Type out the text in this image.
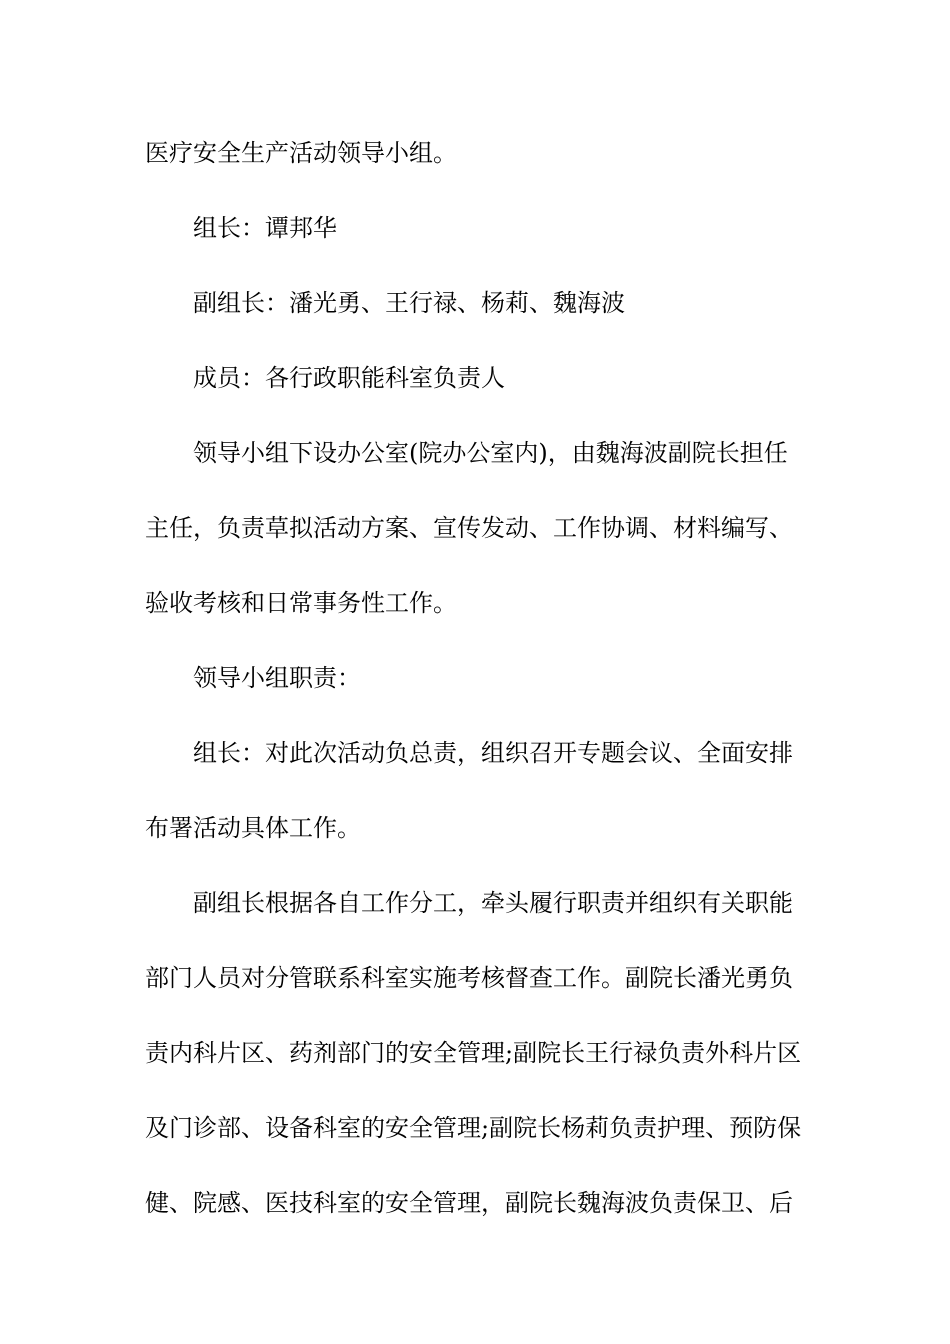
医疗安全生产活动领导小组。
组长：谭邦华
副组长：潘光勇、王行禄、杨莉、魏海波
成员：各行政职能科室负责人
领导小组下设办公室(院办公室内)，由魏海波副院长担任
主任，负责草拟活动方案、宣传发动、工作协调、材料编写、
验收考核和日常事务性工作。
领导小组职责：
组长：对此次活动负总责，组织召开专题会议、全面安排
布署活动具体工作。
副组长根据各自工作分工，牵头履行职责并组织有关职能
部门人员对分管联系科室实施考核督查工作。副院长潘光勇负
责内科片区、药剂部门的安全管理;副院长王行禄负责外科片区
及门诊部、设备科室的安全管理;副院长杨莉负责护理、预防保
健、院感、医技科室的安全管理，副院长魏海波负责保卫、后
